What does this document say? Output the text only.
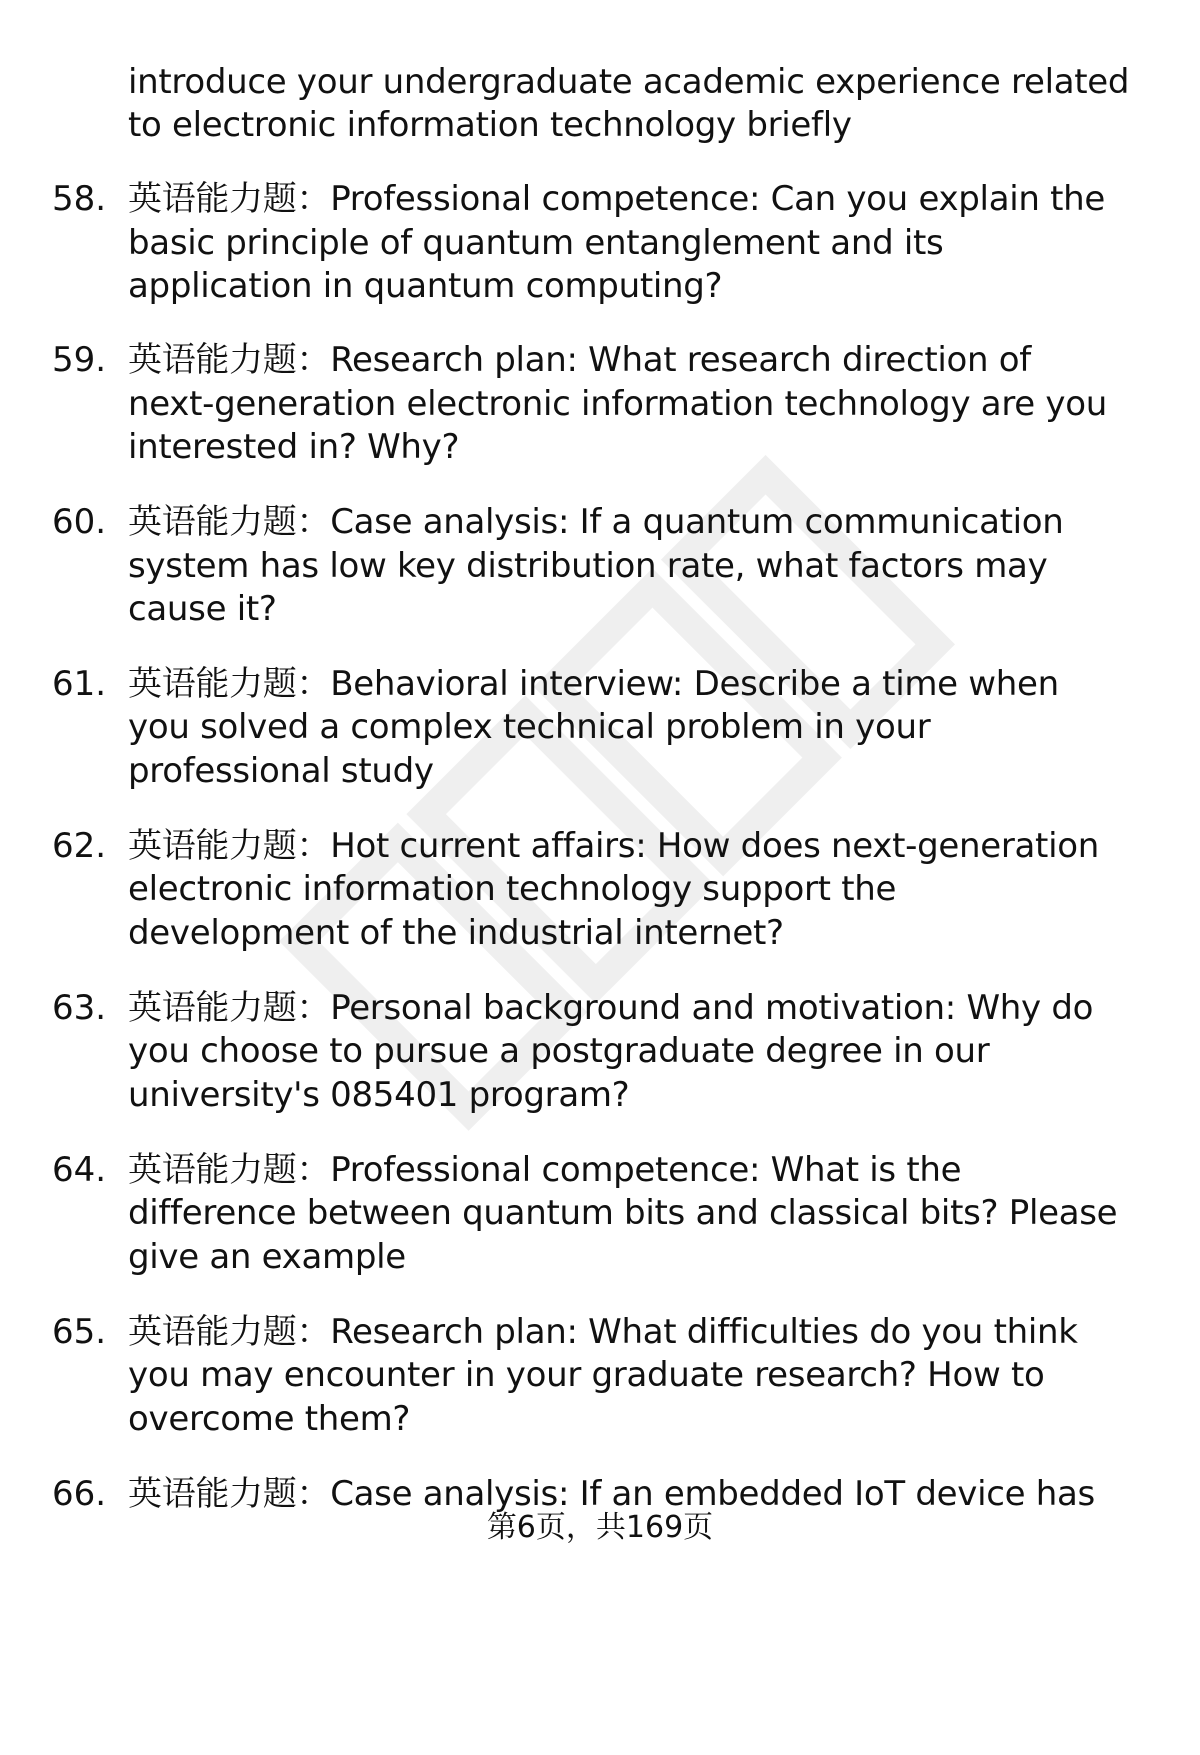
introduce your undergraduate academic experience related
to electronic information technology briefly
58. 英语能力题：Professional competence: Can you explain the
basic principle of quantum entanglement and its
application in quantum computing?
59. 英语能力题：Research plan: What research direction of
next-generation electronic information technology are you
interested in? Why?
60. 英语能力题：Case analysis: If a quantum communication
system has low key distribution rate, what factors may
cause it?
61. 英语能力题：Behavioral interview: Describe a time when
you solved a complex technical problem in your
professional study
62. 英语能力题：Hot current affairs: How does next-generation
electronic information technology support the
development of the industrial internet?
63. 英语能力题：Personal background and motivation: Why do
you choose to pursue a postgraduate degree in our
university's 085401 program?
64. 英语能力题：Professional competence: What is the
difference between quantum bits and classical bits? Please
give an example
65. 英语能力题：Research plan: What difficulties do you think
you may encounter in your graduate research? How to
overcome them?
66. 英语能力题：Case analysis: If an embedded IoT device has
第6页，共169页
